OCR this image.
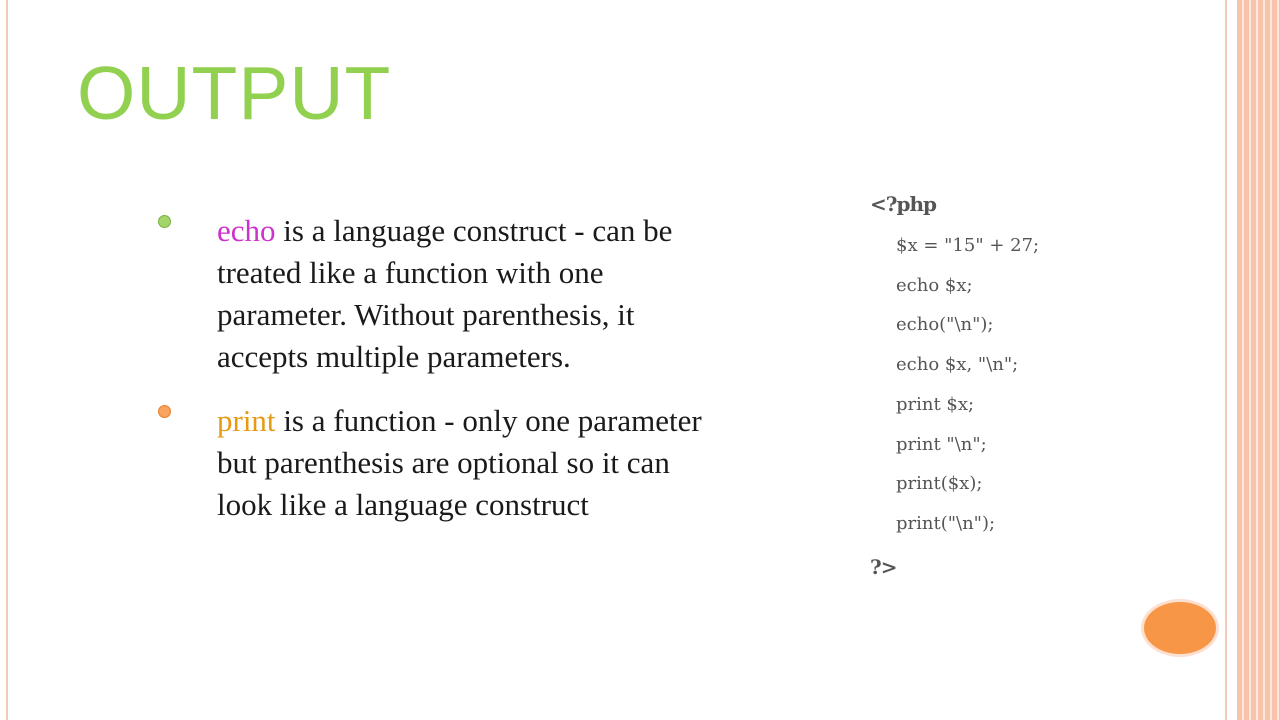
OUTPUT
echo is a language construct - can be treated like a function with one parameter. Without parenthesis, it accepts multiple parameters.
print is a function - only one parameter but parenthesis are optional so it can look like a language construct
<?php
$x = "15" + 27;
echo $x;
echo("\n");
echo $x, "\n";
print $x;
print "\n";
print($x);
print("\n");
?>
